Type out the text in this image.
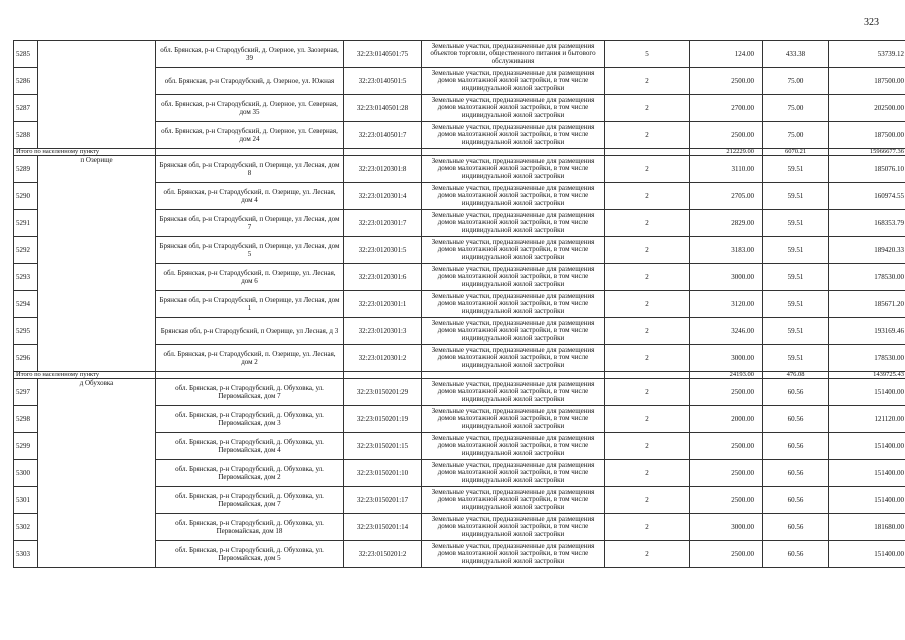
323
5285		обл. Брянская, р-н Стародубский, д. Озерное, ул. Заозерная, 39	32:23:0140501:75	Земельные участки, предназначенные для размещения объектов торговли, общественного питания и бытового обслуживания	5	124.00	433.38	53739.12
5286		обл. Брянская, р-н Стародубский, д. Озерное, ул. Южная	32:23:0140501:5	Земельные участки, предназначенные для размещения домов малоэтажной жилой застройки, в том числе индивидуальной жилой застройки	2	2500.00	75.00	187500.00
5287		обл. Брянская, р-н Стародубский, д. Озерное, ул. Северная, дом 35	32:23:0140501:28	Земельные участки, предназначенные для размещения домов малоэтажной жилой застройки, в том числе индивидуальной жилой застройки	2	2700.00	75.00	202500.00
5288		обл. Брянская, р-н Стародубский, д. Озерное, ул. Северная, дом 24	32:23:0140501:7	Земельные участки, предназначенные для размещения домов малоэтажной жилой застройки, в том числе индивидуальной жилой застройки	2	2500.00	75.00	187500.00
Итого по населенному пункту						212229.00	6070.21	15966677.36
5289	п Озерище	Брянская обл, р-н Стародубский, п Озерище, ул Лесная, дом 8	32:23:0120301:8	Земельные участки, предназначенные для размещения домов малоэтажной жилой застройки, в том числе индивидуальной жилой застройки	2	3110.00	59.51	185076.10
5290		обл. Брянская, р-н Стародубский, п. Озерище, ул. Лесная, дом 4	32:23:0120301:4	Земельные участки, предназначенные для размещения домов малоэтажной жилой застройки, в том числе индивидуальной жилой застройки	2	2705.00	59.51	160974.55
5291		Брянская обл, р-н Стародубский, п Озерище, ул Лесная, дом 7	32:23:0120301:7	Земельные участки, предназначенные для размещения домов малоэтажной жилой застройки, в том числе индивидуальной жилой застройки	2	2829.00	59.51	168353.79
5292		Брянская обл, р-н Стародубский, п Озерище, ул Лесная, дом 5	32:23:0120301:5	Земельные участки, предназначенные для размещения домов малоэтажной жилой застройки, в том числе индивидуальной жилой застройки	2	3183.00	59.51	189420.33
5293		обл. Брянская, р-н Стародубский, п. Озерище, ул. Лесная, дом 6	32:23:0120301:6	Земельные участки, предназначенные для размещения домов малоэтажной жилой застройки, в том числе индивидуальной жилой застройки	2	3000.00	59.51	178530.00
5294		Брянская обл, р-н Стародубский, п Озерище, ул Лесная, дом 1	32:23:0120301:1	Земельные участки, предназначенные для размещения домов малоэтажной жилой застройки, в том числе индивидуальной жилой застройки	2	3120.00	59.51	185671.20
5295		Брянская обл, р-н Стародубский, п Озерище, ул Лесная, д 3	32:23:0120301:3	Земельные участки, предназначенные для размещения домов малоэтажной жилой застройки, в том числе индивидуальной жилой застройки	2	3246.00	59.51	193169.46
5296		обл. Брянская, р-н Стародубский, п. Озерище, ул. Лесная, дом 2	32:23:0120301:2	Земельные участки, предназначенные для размещения домов малоэтажной жилой застройки, в том числе индивидуальной жилой застройки	2	3000.00	59.51	178530.00
Итого по населенному пункту						24193.00	476.08	1439725.43
5297	д Обуховка	обл. Брянская, р-н Стародубский, д. Обуховка, ул. Первомайская, дом 7	32:23:0150201:29	Земельные участки, предназначенные для размещения домов малоэтажной жилой застройки, в том числе индивидуальной жилой застройки	2	2500.00	60.56	151400.00
5298		обл. Брянская, р-н Стародубский, д. Обуховка, ул. Первомайская, дом 3	32:23:0150201:19	Земельные участки, предназначенные для размещения домов малоэтажной жилой застройки, в том числе индивидуальной жилой застройки	2	2000.00	60.56	121120.00
5299		обл. Брянская, р-н Стародубский, д. Обуховка, ул. Первомайская, дом 4	32:23:0150201:15	Земельные участки, предназначенные для размещения домов малоэтажной жилой застройки, в том числе индивидуальной жилой застройки	2	2500.00	60.56	151400.00
5300		обл. Брянская, р-н Стародубский, д. Обуховка, ул. Первомайская, дом 2	32:23:0150201:10	Земельные участки, предназначенные для размещения домов малоэтажной жилой застройки, в том числе индивидуальной жилой застройки	2	2500.00	60.56	151400.00
5301		обл. Брянская, р-н Стародубский, д. Обуховка, ул. Первомайская, дом 7	32:23:0150201:17	Земельные участки, предназначенные для размещения домов малоэтажной жилой застройки, в том числе индивидуальной жилой застройки	2	2500.00	60.56	151400.00
5302		обл. Брянская, р-н Стародубский, д. Обуховка, ул. Первомайская, дом 18	32:23:0150201:14	Земельные участки, предназначенные для размещения домов малоэтажной жилой застройки, в том числе индивидуальной жилой застройки	2	3000.00	60.56	181680.00
5303		обл. Брянская, р-н Стародубский, д. Обуховка, ул. Первомайская, дом 5	32:23:0150201:2	Земельные участки, предназначенные для размещения домов малоэтажной жилой застройки, в том числе индивидуальной жилой застройки	2	2500.00	60.56	151400.00
